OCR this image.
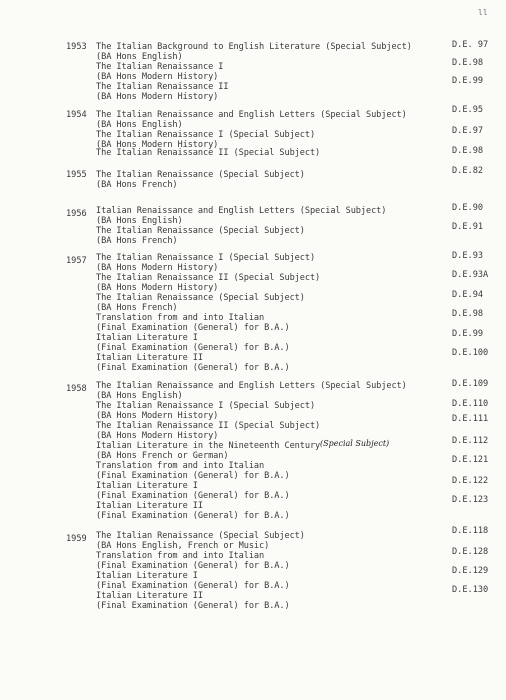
ll
1953 The Italian Background to English Literature (Special Subject)
(BA Hons English)
D.E. 97
The Italian Renaissance I
(BA Hons Modern History)
D.E.98
The Italian Renaissance II
(BA Hons Modern History)
D.E.99
1954 The Italian Renaissance and English Letters (Special Subject)
(BA Hons English)
D.E.95
The Italian Renaissance I (Special Subject)
(BA Hons Modern History)
D.E.97
The Italian Renaissance II (Special Subject)	D.E.98
1955 The Italian Renaissance (Special Subject)
(BA Hons French)
D.E.82
1956 Italian Renaissance and English Letters (Special Subject)
(BA Hons English)
D.E.90
The Italian Renaissance (Special Subject)
(BA Hons French)
D.E.91
1957 The Italian Renaissance I (Special Subject)
(BA Hons Modern History)
D.E.93
The Italian Renaissance II (Special Subject)
(BA Hons Modern History)
D.E.93A
The Italian Renaissance (Special Subject)
(BA Hons French)
D.E.94
Translation from and into Italian
(Final Examination (General) for B.A.)
D.E.98
Italian Literature I
(Final Examination (General) for B.A.)
D.E.99
Italian Literature II
(Final Examination (General) for B.A.)
D.E.100
1958 The Italian Renaissance and English Letters (Special Subject)
(BA Hons English)
D.E.109
The Italian Renaissance I (Special Subject)
(BA Hons Modern History)
D.E.110
The Italian Renaissance II (Special Subject)
(BA Hons Modern History)
D.E.111
Italian Literature in the Nineteenth Century (Special Subject)
(BA Hons French or German)
D.E.112
Translation from and into Italian
(Final Examination (General) for B.A.)
D.E.121
Italian Literature I
(Final Examination (General) for B.A.)
D.E.122
Italian Literature II
(Final Examination (General) for B.A.)
D.E.123
1959 The Italian Renaissance (Special Subject)
(BA Hons English, French or Music)
D.E.118
Translation from and into Italian
(Final Examination (General) for B.A.)
D.E.128
Italian Literature I
(Final Examination (General) for B.A.)
D.E.129
Italian Literature II
(Final Examination (General) for B.A.)
D.E.130
